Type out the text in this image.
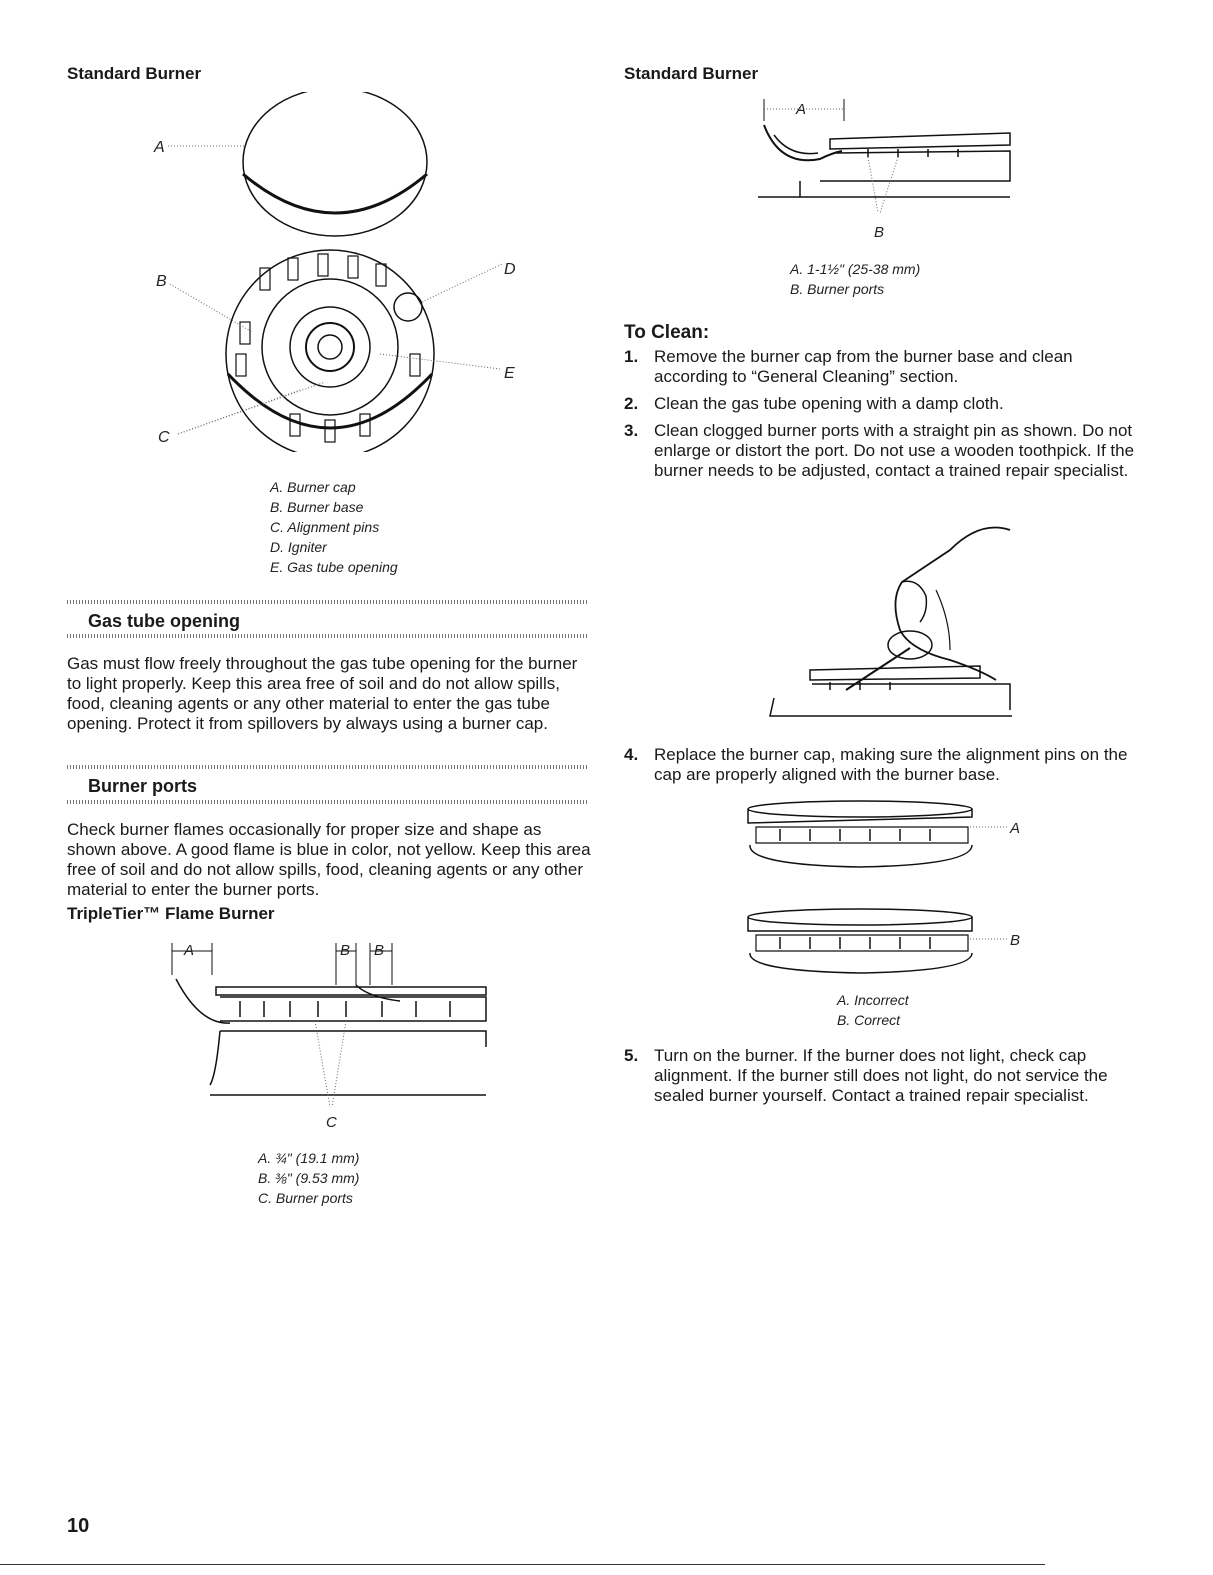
Standard Burner
A
D
E
B
C
A. Burner cap
B. Burner base
C. Alignment pins
D. Igniter
E. Gas tube opening
Gas tube opening
Gas must flow freely throughout the gas tube opening for the burner to light properly. Keep this area free of soil and do not allow spills, food, cleaning agents or any other material to enter the gas tube opening. Protect it from spillovers by always using a burner cap.
Burner ports
Check burner flames occasionally for proper size and shape as shown above. A good flame is blue in color, not yellow. Keep this area free of soil and do not allow spills, food, cleaning agents or any other material to enter the burner ports.
TripleTier™ Flame Burner
A	B B
C
A. ¾" (19.1 mm)
B. ⅜" (9.53 mm)
C. Burner ports
Standard Burner
A
B
A. 1-1½" (25-38 mm)
B. Burner ports
To Clean:
1. Remove the burner cap from the burner base and clean according to “General Cleaning” section.
2. Clean the gas tube opening with a damp cloth.
3. Clean clogged burner ports with a straight pin as shown. Do not enlarge or distort the port. Do not use a wooden toothpick. If the burner needs to be adjusted, contact a trained repair specialist.
4. Replace the burner cap, making sure the alignment pins on the cap are properly aligned with the burner base.
A
B
A. Incorrect
B. Correct
5. Turn on the burner. If the burner does not light, check cap alignment. If the burner still does not light, do not service the sealed burner yourself. Contact a trained repair specialist.
10
